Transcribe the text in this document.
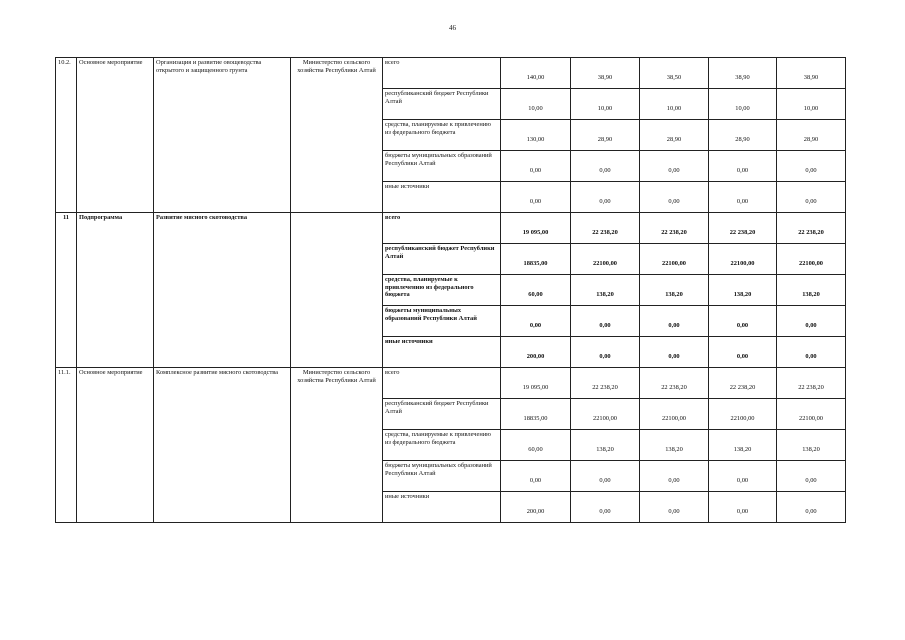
46
10.2.	Основное мероприятие	Организация и развитие овощеводства открытого и защищенного грунта	Министерство сельского хозяйства Республики Алтай	всего	140,00	38,90	38,50	38,90	38,90
				республиканский бюджет Республики Алтай	10,00	10,00	10,00	10,00	10,00
				средства, планируемые к привлечению из федерального бюджета	130,00	28,90	28,90	28,90	28,90
				бюджеты муниципальных образований Республики Алтай	0,00	0,00	0,00	0,00	0,00
				иные источники	0,00	0,00	0,00	0,00	0,00
11	Подпрограмма	Развитие мясного скотоводства		всего	19 095,00	22 238,20	22 238,20	22 238,20	22 238,20
				республиканский бюджет Республики Алтай	18835,00	22100,00	22100,00	22100,00	22100,00
				средства, планируемые к привлечению из федерального бюджета	60,00	138,20	138,20	138,20	138,20
				бюджеты муниципальных образований Республики Алтай	0,00	0,00	0,00	0,00	0,00
				иные источники	200,00	0,00	0,00	0,00	0,00
11.1.	Основное мероприятие	Комплексное развитие мясного скотоводства	Министерство сельского хозяйства Республики Алтай	всего	19 095,00	22 238,20	22 238,20	22 238,20	22 238,20
				республиканский бюджет Республики Алтай	18835,00	22100,00	22100,00	22100,00	22100,00
				средства, планируемые к привлечению из федерального бюджета	60,00	138,20	138,20	138,20	138,20
				бюджеты муниципальных образований Республики Алтай	0,00	0,00	0,00	0,00	0,00
				иные источники	200,00	0,00	0,00	0,00	0,00
